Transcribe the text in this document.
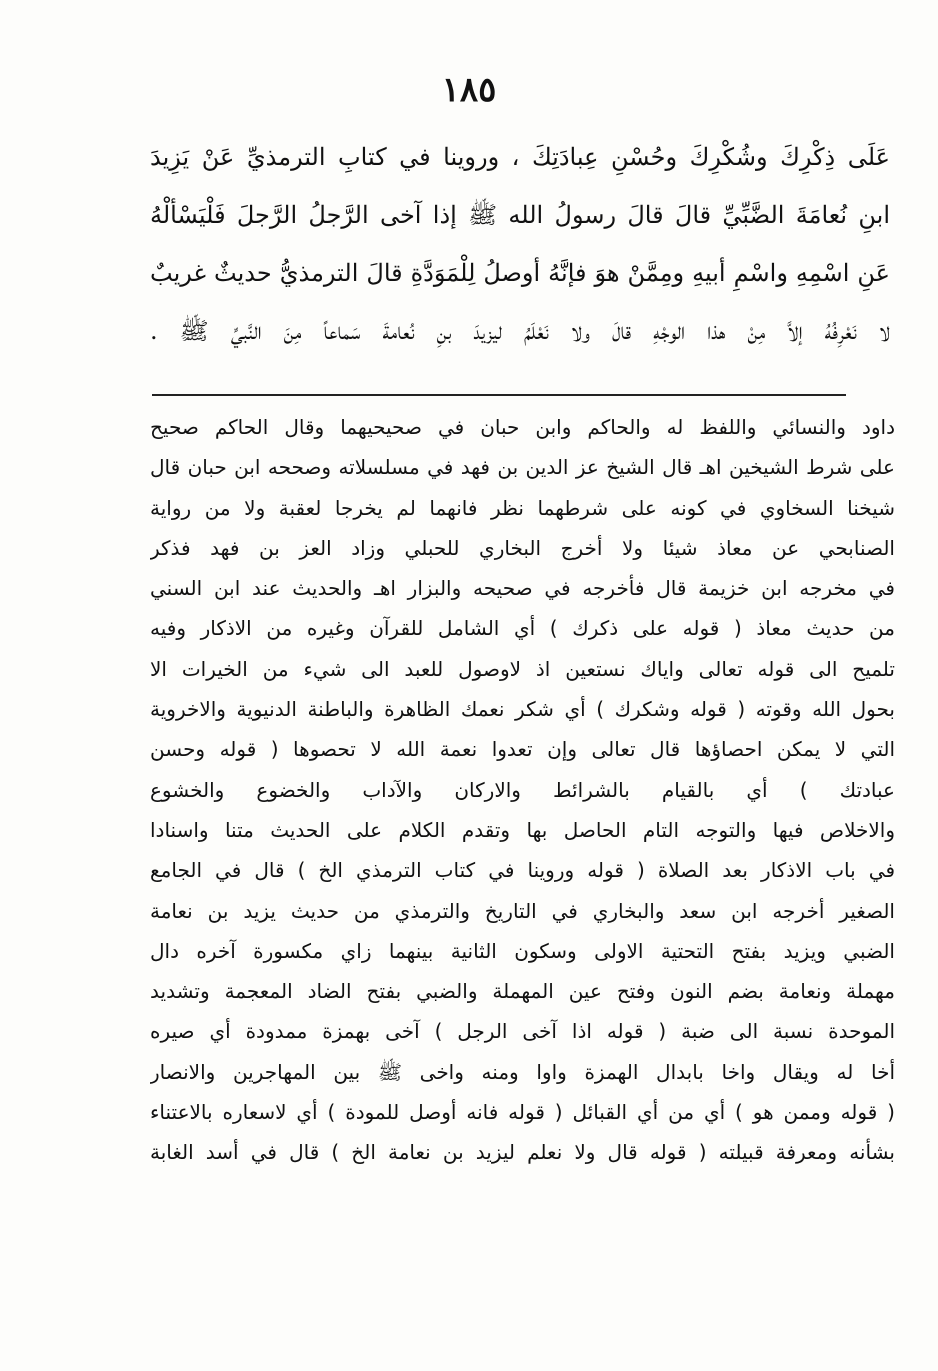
١٨٥
عَلَى ذِكْرِكَ وشُكْرِكَ وحُسْنِ عِبادَتِكَ ، وروينا في كتابِ الترمذيِّ عَنْ يَزِيدَ
ابنِ نُعامَةَ الضَّبِّيِّ قالَ قالَ رسولُ الله ﷺ إذا آخى الرَّجلُ الرَّجلَ فَلْيَسْألْهُ
عَنِ اسْمِهِ واسْمِ أبيهِ ومِمَّنْ هوَ فإنَّهُ أوصلُ لِلْمَوَدَّةِ قالَ الترمذيُّ حديثٌ غريبٌ
لا نَعْرِفُهُ إلاَّ مِنْ هذا الوجْهِ قالَ ولا نَعْلَمُ ليزيدَ بنِ نُعامةَ سَماعاً مِنَ النَّبيِّ ﷺ .
داود والنسائي واللفظ له والحاكم وابن حبان في صحيحيهما وقال الحاكم صحيح
على شرط الشيخين اهـ قال الشيخ عز الدين بن فهد في مسلسلاته وصححه ابن حبان قال
شيخنا السخاوي في كونه على شرطهما نظر فانهما لم يخرجا لعقبة ولا من رواية
الصنابحي عن معاذ شيئا ولا أخرج البخاري للحبلي وزاد العز بن فهد فذكر
في مخرجه ابن خزيمة قال فأخرجه في صحيحه والبزار اهـ والحديث عند ابن السني
من حديث معاذ ( قوله على ذكرك ) أي الشامل للقرآن وغيره من الاذكار وفيه
تلميح الى قوله تعالى واياك نستعين اذ لاوصول للعبد الى شيء من الخيرات الا
بحول الله وقوته ( قوله وشكرك ) أي شكر نعمك الظاهرة والباطنة الدنيوية والاخروية
التي لا يمكن احصاؤها قال تعالى وإن تعدوا نعمة الله لا تحصوها ( قوله وحسن
عبادتك ) أي بالقيام بالشرائط والاركان والآداب والخضوع والخشوع
والاخلاص فيها والتوجه التام الحاصل بها وتقدم الكلام على الحديث متنا واسنادا
في باب الاذكار بعد الصلاة ( قوله وروينا في كتاب الترمذي الخ ) قال في الجامع
الصغير أخرجه ابن سعد والبخاري في التاريخ والترمذي من حديث يزيد بن نعامة
الضبي ويزيد بفتح التحتية الاولى وسكون الثانية بينهما زاي مكسورة آخره دال
مهملة ونعامة بضم النون وفتح عين المهملة والضبي بفتح الضاد المعجمة وتشديد
الموحدة نسبة الى ضبة ( قوله اذا آخى الرجل ) آخى بهمزة ممدودة أي صيره
أخا له ويقال واخا بابدال الهمزة واوا ومنه واخى ﷺ بين المهاجرين والانصار
( قوله وممن هو ) أي من أي القبائل ( قوله فانه أوصل للمودة ) أي لاسعاره بالاعتناء
بشأنه ومعرفة قبيلته ( قوله قال ولا نعلم ليزيد بن نعامة الخ ) قال في أسد الغابة
